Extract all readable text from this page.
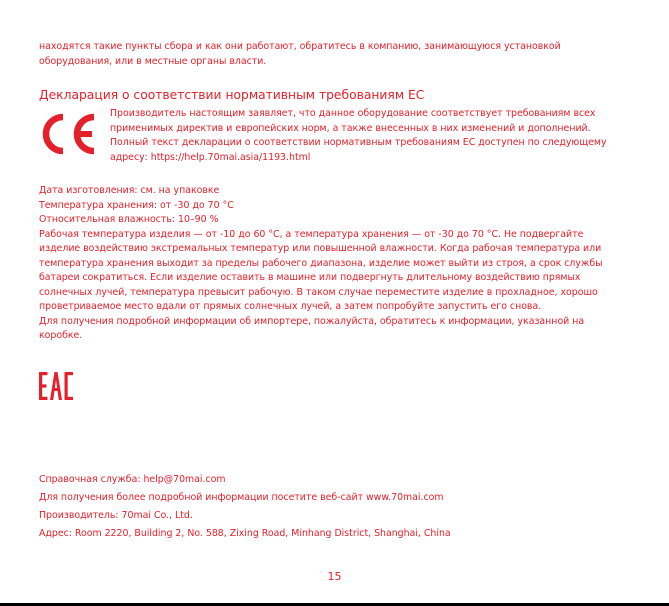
находятся такие пункты сбора и как они работают, обратитесь в компанию, занимающуюся установкой
оборудования, или в местные органы власти.
Декларация о соответствии нормативным требованиям ЕС
Производитель настоящим заявляет, что данное оборудование соответствует требованиям всех
применимых директив и европейских норм, а также внесенных в них изменений и дополнений.
Полный текст декларации о соответствии нормативным требованиям ЕС доступен по следующему
адресу: https://help.70mai.asia/1193.html
Дата изготовления: см. на упаковке
Температура хранения: от -30 до 70 °С
Относительная влажность: 10–90 %
Рабочая температура изделия — от -10 до 60 °С, а температура хранения — от -30 до 70 °С. Не подвергайте
изделие воздействию экстремальных температур или повышенной влажности. Когда рабочая температура или
температура хранения выходит за пределы рабочего диапазона, изделие может выйти из строя, а срок службы
батареи сократиться. Если изделие оставить в машине или подвергнуть длительному воздействию прямых
солнечных лучей, температура превысит рабочую. В таком случае переместите изделие в прохладное, хорошо
проветриваемое место вдали от прямых солнечных лучей, а затем попробуйте запустить его снова.
Для получения подробной информации об импортере, пожалуйста, обратитесь к информации, указанной на
коробке.
Справочная служба: help@70mai.com
Для получения более подробной информации посетите веб-сайт www.70mai.com
Производитель: 70mai Co., Ltd.
Адрес: Room 2220, Building 2, No. 588, Zixing Road, Minhang District, Shanghai, China
15
